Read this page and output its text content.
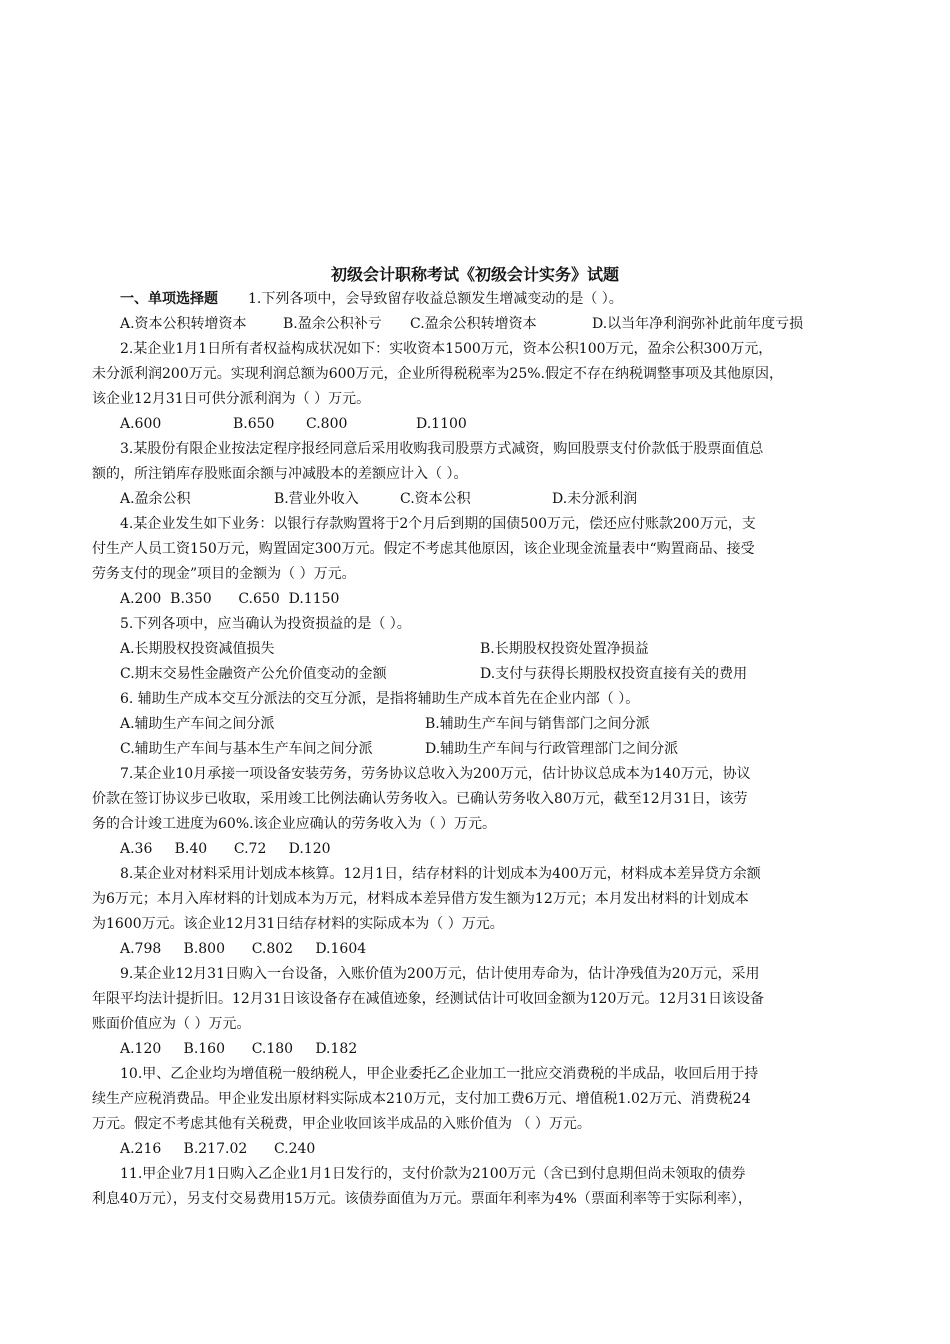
初级会计职称考试《初级会计实务》试题
一、单项选择题 1.下列各项中，会导致留存收益总额发生增减变动的是（ ）。
A.资本公积转增资本	B.盈余公积补亏 C.盈余公积转增资本	D.以当年净利润弥补此前年度亏损
2.某企业1月1日所有者权益构成状况如下：实收资本1500万元，资本公积100万元，盈余公积300万元，
未分派利润200万元。实现利润总额为600万元，企业所得税税率为25%.假定不存在纳税调整事项及其他原因，
该企业12月31日可供分派利润为（ ）万元。
A.600	B.650 C.800	D.1100
3.某股份有限企业按法定程序报经同意后采用收购我司股票方式减资，购回股票支付价款低于股票面值总
额的，所注销库存股账面余额与冲减股本的差额应计入（ ）。
A.盈余公积	B.营业外收入	C.资本公积	D.未分派利润
4.某企业发生如下业务：以银行存款购置将于2个月后到期的国债500万元，偿还应付账款200万元，支
付生产人员工资150万元，购置固定300万元。假定不考虑其他原因，该企业现金流量表中“购置商品、接受
劳务支付的现金”项目的金额为（ ）万元。
A.200  B.350      C.650  D.1150
5.下列各项中，应当确认为投资损益的是（ ）。
A.长期股权投资减值损失	B.长期股权投资处置净损益
C.期末交易性金融资产公允价值变动的金额	D.支付与获得长期股权投资直接有关的费用
6. 辅助生产成本交互分派法的交互分派，是指将辅助生产成本首先在企业内部（ ）。
A.辅助生产车间之间分派	B.辅助生产车间与销售部门之间分派
C.辅助生产车间与基本生产车间之间分派	D.辅助生产车间与行政管理部门之间分派
7.某企业10月承接一项设备安装劳务，劳务协议总收入为200万元，估计协议总成本为140万元，协议
价款在签订协议步已收取，采用竣工比例法确认劳务收入。已确认劳务收入80万元，截至12月31日，该劳
务的合计竣工进度为60%.该企业应确认的劳务收入为（ ）万元。
A.36     B.40      C.72     D.120
8.某企业对材料采用计划成本核算。12月1日，结存材料的计划成本为400万元，材料成本差异贷方余额
为6万元；本月入库材料的计划成本为万元，材料成本差异借方发生额为12万元；本月发出材料的计划成本
为1600万元。该企业12月31日结存材料的实际成本为（ ）万元。
A.798     B.800      C.802     D.1604
9.某企业12月31日购入一台设备，入账价值为200万元，估计使用寿命为，估计净残值为20万元，采用
年限平均法计提折旧。12月31日该设备存在减值迹象，经测试估计可收回金额为120万元。12月31日该设备
账面价值应为（ ）万元。
A.120     B.160      C.180     D.182
10.甲、乙企业均为增值税一般纳税人，甲企业委托乙企业加工一批应交消费税的半成品，收回后用于持
续生产应税消费品。甲企业发出原材料实际成本210万元，支付加工费6万元、增值税1.02万元、消费税24
万元。假定不考虑其他有关税费，甲企业收回该半成品的入账价值为 （ ）万元。
A.216     B.217.02      C.240
11.甲企业7月1日购入乙企业1月1日发行的，支付价款为2100万元（含已到付息期但尚未领取的债券
利息40万元），另支付交易费用15万元。该债券面值为万元。票面年利率为4%（票面利率等于实际利率），
